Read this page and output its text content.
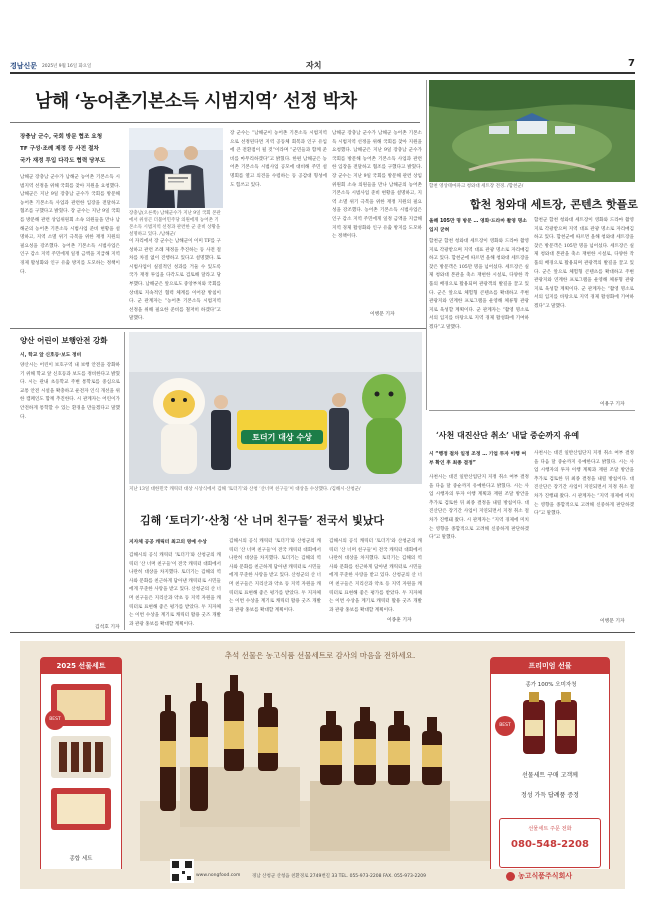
경남신문 2025년 9월 16일 화요일	자치	7
남해 ‘농어촌기본소득 시범지역’ 선정 박차
장충남 군수, 국회 방문 협조 요청
TF 구성·조례 제정 등 사전 절차
국가 재정 투입 다각도 협력 당부도
남해군 장충남 군수가 남해군 농어촌 기본소득 시범지역 선정을 위해 국회를 찾아 지원을 요청했다. 남해군은 지난 9일 장충남 군수가 국회를 방문해 농어촌 기본소득 사업과 관련한 입장을 전달하고 협조를 구했다고 밝혔다. 장 군수는 지난 9일 국회를 방문해 관련 상임위원회 소속 의원들을 만나 남해군의 농어촌 기본소득 시범사업 준비 현황을 설명하고, 지역 소멸 위기 극복을 위한 재정 지원의 필요성을 강조했다. 농어촌 기본소득 시범사업은 인구 감소 지역 주민에게 일정 금액을 지급해 지역 경제 활성화와 인구 유출 방지를 도모하는 정책이다.
이 자리에서 장 군수는 남해군이 이미 TF를 구성하고 관련 조례 제정을 추진하는 등 사전 절차를 차질 없이 진행하고 있다고 설명했다. 또 시범사업이 실질적인 성과를 거둘 수 있도록 국가 재정 투입을 다각도로 검토해 달라고 당부했다. 남해군은 앞으로도 중앙부처와 국회를 상대로 지속적인 협력 체계를 이어갈 방침이다. 군 관계자는 “농어촌 기본소득 시범지역 선정을 위해 필요한 준비를 철저히 하겠다”고 말했다.
장 군수는 “남해군이 농어촌 기본소득 시범지역으로 선정된다면 지역 공동체 회복과 인구 유입에 큰 전환점이 될 것”이라며 “군민들과 함께 준비를 마무리하겠다”고 밝혔다. 한편 남해군은 농어촌 기본소득 시범사업 공모에 대비해 주민 설명회를 열고 의견을 수렴하는 등 공감대 형성에도 힘쓰고 있다.
남해군 장충남 군수가 남해군 농어촌 기본소득 시범지역 선정을 위해 국회를 찾아 지원을 요청했다. 남해군은 지난 9일 장충남 군수가 국회를 방문해 농어촌 기본소득 사업과 관련한 입장을 전달하고 협조를 구했다고 밝혔다. 장 군수는 지난 9일 국회를 방문해 관련 상임위원회 소속 의원들을 만나 남해군의 농어촌 기본소득 시범사업 준비 현황을 설명하고, 지역 소멸 위기 극복을 위한 재정 지원의 필요성을 강조했다. 농어촌 기본소득 시범사업은 인구 감소 지역 주민에게 일정 금액을 지급해 지역 경제 활성화와 인구 유출 방지를 도모하는 정책이다.
이병문 기자
장충남(오른쪽) 남해군수가 지난 9일 국회 본관에서 위성곤 더불어민주당 의원에게 농어촌 기본소득 시범지역 선정과 관련한 군 준비 상황을 설명하고 있다. /남해군/
합천 영상테마파크 청와대 세트장 전경. /합천군/
합천 청와대 세트장, 콘텐츠 핫플로
올해 105만 명 방문 … 영화·드라마 촬영 명소 입지 굳혀
합천군 합천 청와대 세트장이 영화와 드라마 촬영지로 각광받으며 지역 대표 관광 명소로 자리매김하고 있다. 합천군에 따르면 올해 청와대 세트장을 찾은 방문객은 105만 명을 넘어섰다. 세트장은 실제 청와대 본관을 축소 재현한 시설로, 다양한 작품의 배경으로 활용되며 관광객의 발길을 끌고 있다. 군은 앞으로 체험형 콘텐츠를 확대하고 주변 관광지와 연계한 프로그램을 운영해 체류형 관광지로 육성할 계획이다. 군 관계자는 “촬영 명소로서의 입지를 바탕으로 지역 경제 활성화에 기여하겠다”고 말했다.
합천군 합천 청와대 세트장이 영화와 드라마 촬영지로 각광받으며 지역 대표 관광 명소로 자리매김하고 있다. 합천군에 따르면 올해 청와대 세트장을 찾은 방문객은 105만 명을 넘어섰다. 세트장은 실제 청와대 본관을 축소 재현한 시설로, 다양한 작품의 배경으로 활용되며 관광객의 발길을 끌고 있다. 군은 앞으로 체험형 콘텐츠를 확대하고 주변 관광지와 연계한 프로그램을 운영해 체류형 관광지로 육성할 계획이다. 군 관계자는 “촬영 명소로서의 입지를 바탕으로 지역 경제 활성화에 기여하겠다”고 말했다.
이용구 기자
양산 어린이 보행안전 강화
시, 학교 앞 신호등·보도 정비
양산시는 어린이 보호구역 내 보행 안전을 강화하기 위해 학교 앞 신호등과 보도를 정비한다고 밝혔다. 시는 관내 초등학교 주변 통학로를 중심으로 교통 안전 시설을 확충하고 운전자 인식 개선을 위한 캠페인도 함께 추진한다. 시 관계자는 어린이가 안전하게 통학할 수 있는 환경을 만들겠다고 말했다.
김석호 기자
토더기 대상 수상
지난 13일 대한민국 캐릭터 대상 시상식에서 김해 ‘토더기’와 산청 ‘산너머 친구들’이 대상을 수상했다. /김해시·산청군/
김해 ‘토더기’·산청 ‘산 너머 친구들’ 전국서 빛났다
지자체 공공 캐릭터 최고의 영예 수상
김해시의 공식 캐릭터 ‘토더기’와 산청군의 캐릭터 ‘산 너머 친구들’이 전국 캐릭터 대회에서 나란히 대상을 차지했다. 토더기는 김해의 역사와 문화를 친근하게 담아낸 캐릭터로 시민들에게 꾸준한 사랑을 받고 있다. 산청군의 산 너머 친구들은 지리산과 약초 등 지역 자원을 캐릭터로 표현해 좋은 평가를 받았다. 두 지자체는 이번 수상을 계기로 캐릭터 활용 굿즈 개발과 관광 홍보를 확대할 계획이다.
김해시의 공식 캐릭터 ‘토더기’와 산청군의 캐릭터 ‘산 너머 친구들’이 전국 캐릭터 대회에서 나란히 대상을 차지했다. 토더기는 김해의 역사와 문화를 친근하게 담아낸 캐릭터로 시민들에게 꾸준한 사랑을 받고 있다. 산청군의 산 너머 친구들은 지리산과 약초 등 지역 자원을 캐릭터로 표현해 좋은 평가를 받았다. 두 지자체는 이번 수상을 계기로 캐릭터 활용 굿즈 개발과 관광 홍보를 확대할 계획이다.
김해시의 공식 캐릭터 ‘토더기’와 산청군의 캐릭터 ‘산 너머 친구들’이 전국 캐릭터 대회에서 나란히 대상을 차지했다. 토더기는 김해의 역사와 문화를 친근하게 담아낸 캐릭터로 시민들에게 꾸준한 사랑을 받고 있다. 산청군의 산 너머 친구들은 지리산과 약초 등 지역 자원을 캐릭터로 표현해 좋은 평가를 받았다. 두 지자체는 이번 수상을 계기로 캐릭터 활용 굿즈 개발과 관광 홍보를 확대할 계획이다.
이종훈 기자
‘사천 대진산단 취소’ 내달 중순까지 유예
시 “행정 절차 일정 조정 … 기업 투자 이행 여부 확인 후 최종 결정”
사천시는 대진 일반산업단지 지정 취소 여부 결정을 다음 달 중순까지 유예한다고 밝혔다. 시는 사업 시행자의 투자 이행 계획과 재원 조달 방안을 추가로 검토한 뒤 최종 결정을 내릴 방침이다. 대진산단은 장기간 사업이 지연되면서 지정 취소 절차가 진행돼 왔다. 시 관계자는 “지역 경제에 미치는 영향을 종합적으로 고려해 신중하게 판단하겠다”고 말했다.
사천시는 대진 일반산업단지 지정 취소 여부 결정을 다음 달 중순까지 유예한다고 밝혔다. 시는 사업 시행자의 투자 이행 계획과 재원 조달 방안을 추가로 검토한 뒤 최종 결정을 내릴 방침이다. 대진산단은 장기간 사업이 지연되면서 지정 취소 절차가 진행돼 왔다. 시 관계자는 “지역 경제에 미치는 영향을 종합적으로 고려해 신중하게 판단하겠다”고 말했다.
이병문 기자
추석 선물은 농고식품 선물세트로 감사의 마음을 전하세요.
2025 선물세트
BEST
종합 세트
프리미엄 선물
종가 100% 오미자청
BEST
선물세트 구매 고객께
정성 가득 답례품 증정
선물세트 주문 전화
080-548-2208
www.nongfood.com	경남 산청군 산청읍 친환경로 2749번길 33 TEL. 055-973-2208 FAX. 055-973-2209	농고식품주식회사
